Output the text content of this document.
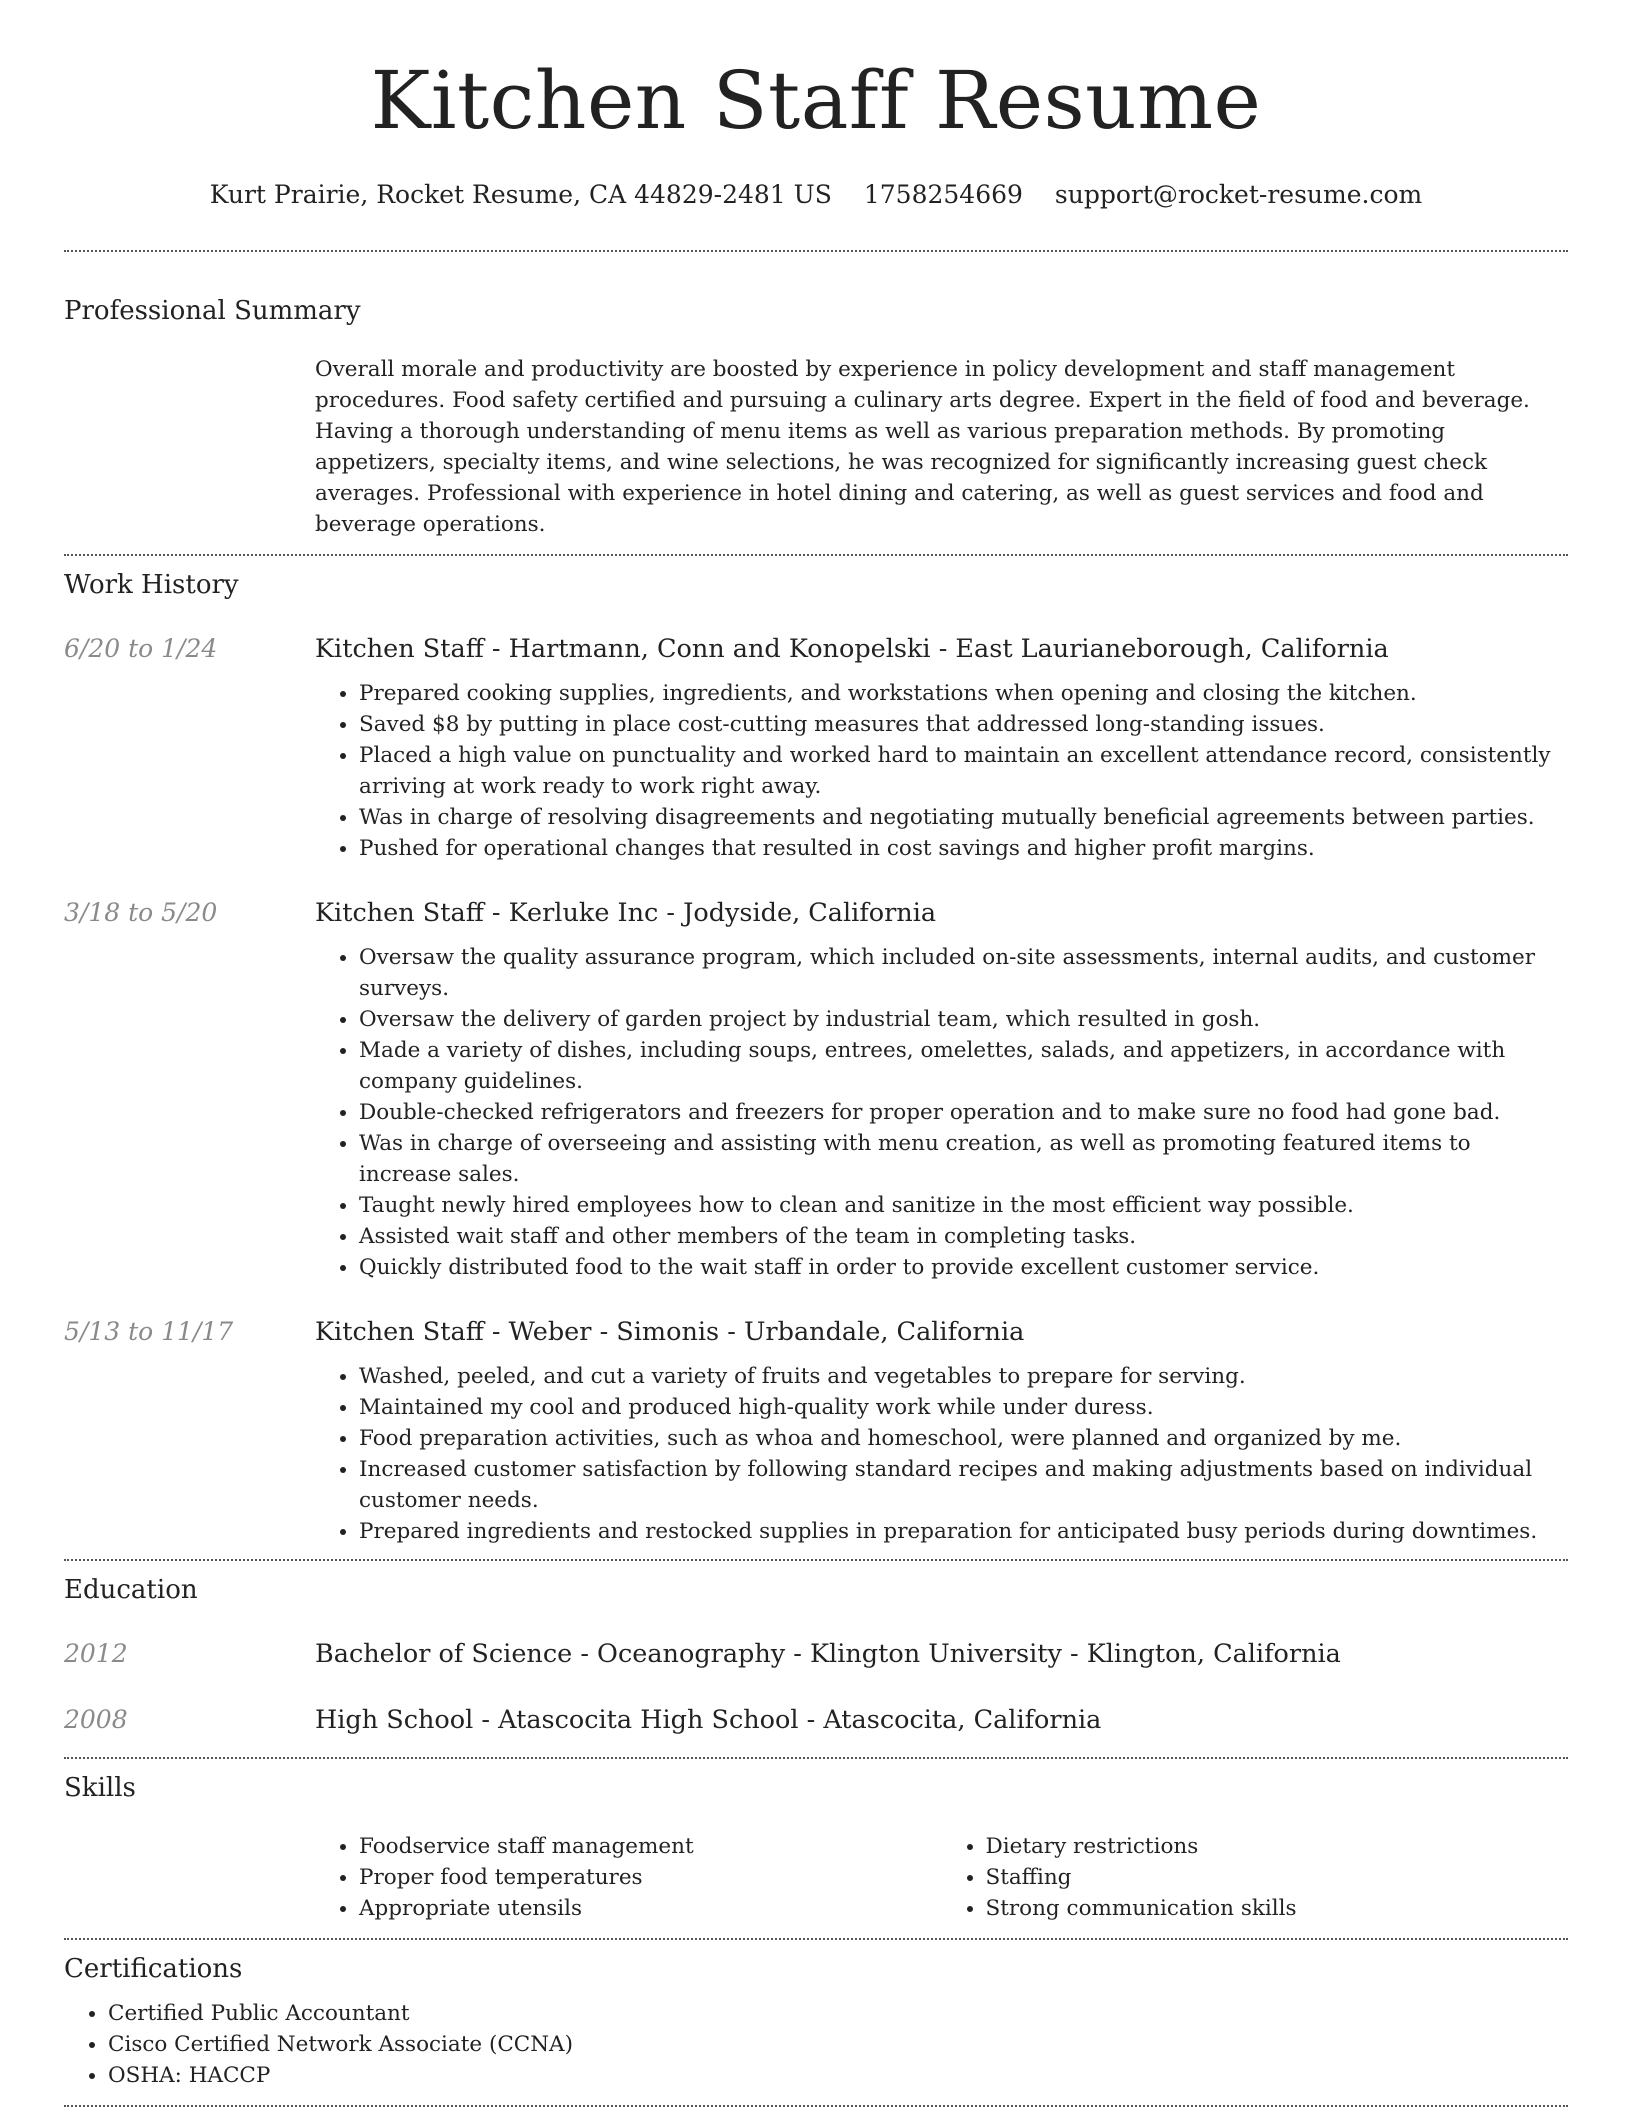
Kitchen Staff Resume
Kurt Prairie, Rocket Resume, CA 44829-2481 US 1758254669 support@rocket-resume.com
Professional Summary

Overall morale and productivity are boosted by experience in policy development and staff management procedures. Food safety certified and pursuing a culinary arts degree. Expert in the field of food and beverage. Having a thorough understanding of menu items as well as various preparation methods. By promoting appetizers, specialty items, and wine selections, he was recognized for significantly increasing guest check averages. Professional with experience in hotel dining and catering, as well as guest services and food and beverage operations.

Work History
6/20 to 1/24	Kitchen Staff - Hartmann, Conn and Konopelski - East Laurianeborough, California
• Prepared cooking supplies, ingredients, and workstations when opening and closing the kitchen.
• Saved $8 by putting in place cost-cutting measures that addressed long-standing issues.
• Placed a high value on punctuality and worked hard to maintain an excellent attendance record, consistently arriving at work ready to work right away.
• Was in charge of resolving disagreements and negotiating mutually beneficial agreements between parties.
• Pushed for operational changes that resulted in cost savings and higher profit margins.
3/18 to 5/20	Kitchen Staff - Kerluke Inc - Jodyside, California
• Oversaw the quality assurance program, which included on-site assessments, internal audits, and customer surveys.
• Oversaw the delivery of garden project by industrial team, which resulted in gosh.
• Made a variety of dishes, including soups, entrees, omelettes, salads, and appetizers, in accordance with company guidelines.
• Double-checked refrigerators and freezers for proper operation and to make sure no food had gone bad.
• Was in charge of overseeing and assisting with menu creation, as well as promoting featured items to increase sales.
• Taught newly hired employees how to clean and sanitize in the most efficient way possible.
• Assisted wait staff and other members of the team in completing tasks.
• Quickly distributed food to the wait staff in order to provide excellent customer service.
5/13 to 11/17	Kitchen Staff - Weber - Simonis - Urbandale, California
• Washed, peeled, and cut a variety of fruits and vegetables to prepare for serving.
• Maintained my cool and produced high-quality work while under duress.
• Food preparation activities, such as whoa and homeschool, were planned and organized by me.
• Increased customer satisfaction by following standard recipes and making adjustments based on individual customer needs.
• Prepared ingredients and restocked supplies in preparation for anticipated busy periods during downtimes.
Education
2012	Bachelor of Science - Oceanography - Klington University - Klington, California
2008	High School - Atascocita High School - Atascocita, California
Skills
• Foodservice staff management
• Proper food temperatures
• Appropriate utensils
• Dietary restrictions
• Staffing
• Strong communication skills
Certifications
• Certified Public Accountant
• Cisco Certified Network Associate (CCNA)
• OSHA: HACCP
